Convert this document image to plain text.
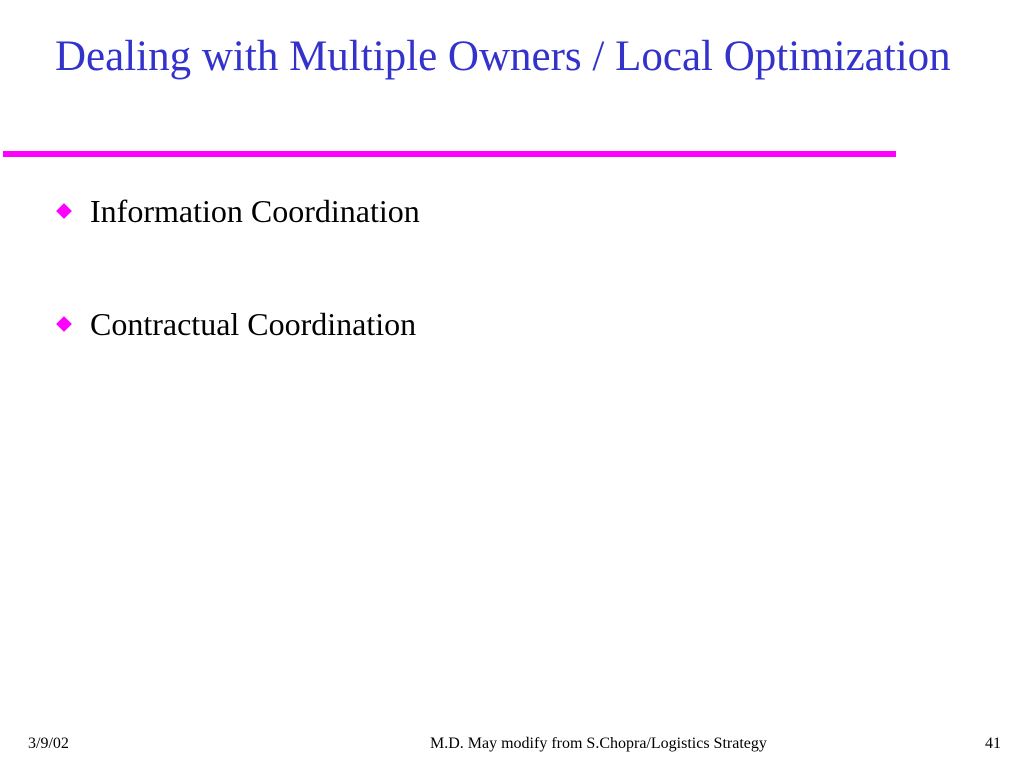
Dealing with Multiple Owners / Local Optimization
Information Coordination
Contractual Coordination
3/9/02	M.D. May modify from S.Chopra/Logistics Strategy	41
